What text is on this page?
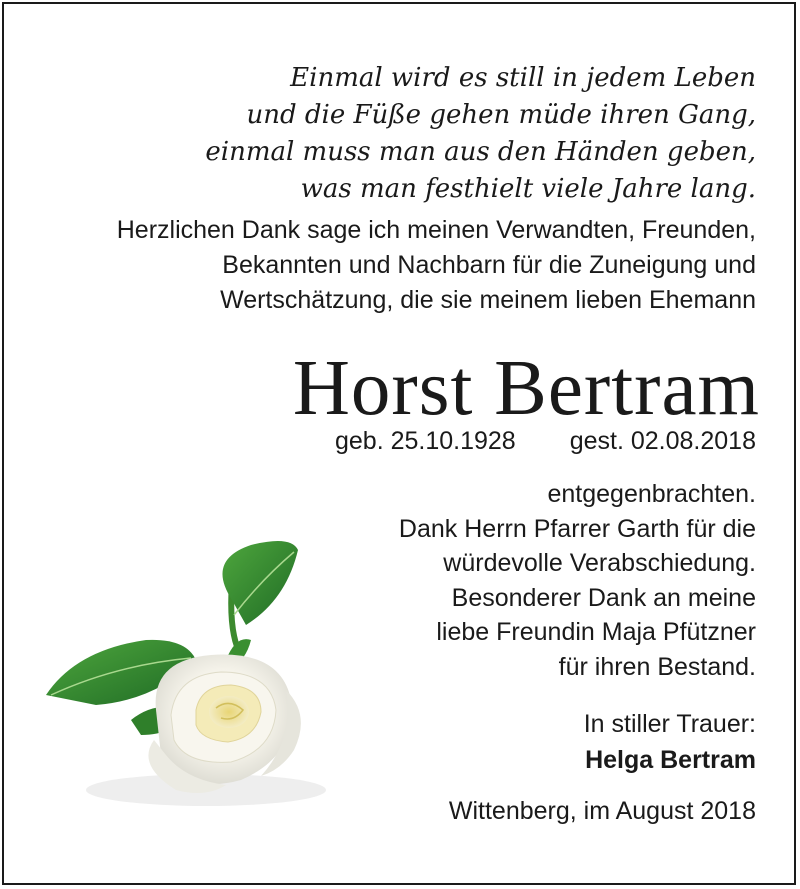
Einmal wird es still in jedem Leben
und die Füße gehen müde ihren Gang,
einmal muss man aus den Händen geben,
was man festhielt viele Jahre lang.
Herzlichen Dank sage ich meinen Verwandten, Freunden,
Bekannten und Nachbarn für die Zuneigung und
Wertschätzung, die sie meinem lieben Ehemann
Horst Bertram
geb. 25.10.1928 gest. 02.08.2018
entgegenbrachten.
Dank Herrn Pfarrer Garth für die
würdevolle Verabschiedung.
Besonderer Dank an meine
liebe Freundin Maja Pfützner
für ihren Bestand.
In stiller Trauer:
Helga Bertram
Wittenberg, im August 2018
